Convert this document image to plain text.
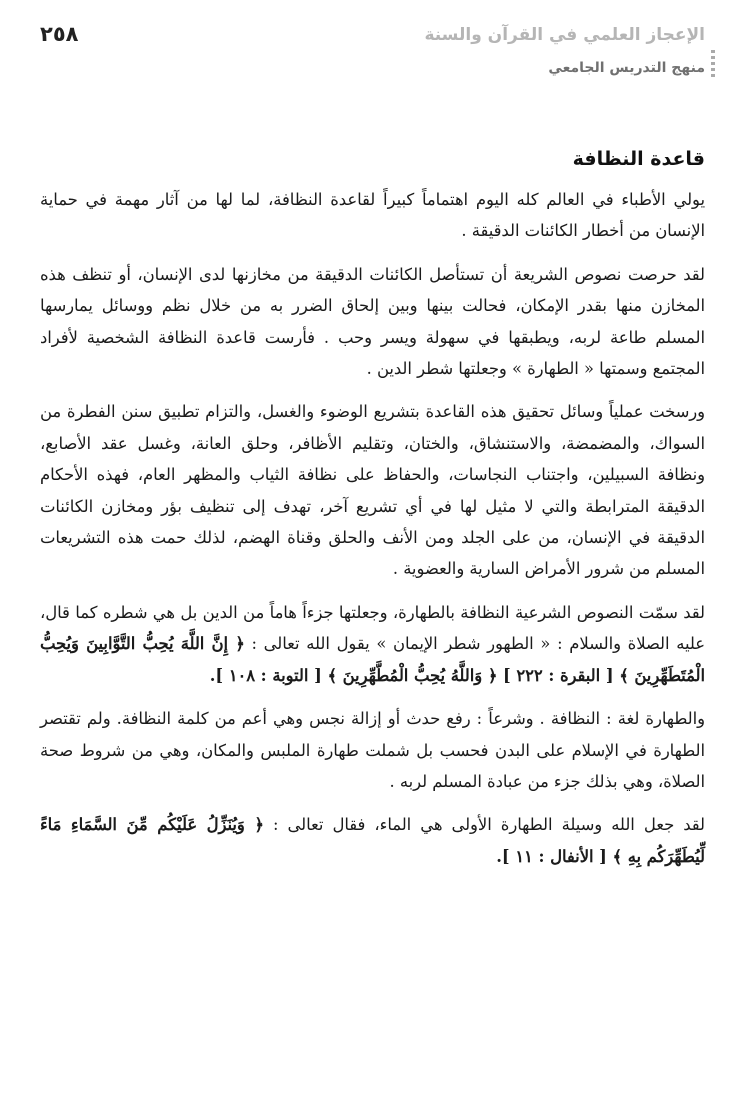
٢٥٨	الإعجاز العلمي في القرآن والسنة
منهج التدريس الجامعي
قاعدة النظافة

يولي الأطباء في العالم كله اليوم اهتماماً كبيراً لقاعدة النظافة، لما لها من آثار مهمة في حماية الإنسان من أخطار الكائنات الدقيقة .

لقد حرصت نصوص الشريعة أن تستأصل الكائنات الدقيقة من مخازنها لدى الإنسان، أو تنظف هذه المخازن منها بقدر الإمكان، فحالت بينها وبين إلحاق الضرر به من خلال نظم ووسائل يمارسها المسلم طاعة لربه، ويطبقها في سهولة ويسر وحب . فأرست قاعدة النظافة الشخصية لأفراد المجتمع وسمتها « الطهارة » وجعلتها شطر الدين .

ورسخت عملياً وسائل تحقيق هذه القاعدة بتشريع الوضوء والغسل، والتزام تطبيق سنن الفطرة من السواك، والمضمضة، والاستنشاق، والختان، وتقليم الأظافر، وحلق العانة، وغسل عقد الأصابع، ونظافة السبيلين، واجتناب النجاسات، والحفاظ على نظافة الثياب والمظهر العام، فهذه الأحكام الدقيقة المترابطة والتي لا مثيل لها في أي تشريع آخر، تهدف إلى تنظيف بؤر ومخازن الكائنات الدقيقة في الإنسان، من على الجلد ومن الأنف والحلق وقناة الهضم، لذلك حمت هذه التشريعات المسلم من شرور الأمراض السارية والعضوية .

لقد سمّت النصوص الشرعية النظافة بالطهارة، وجعلتها جزءاً هاماً من الدين بل هي شطره كما قال، عليه الصلاة والسلام : « الطهور شطر الإيمان » يقول الله تعالى : ﴿ إِنَّ اللَّهَ يُحِبُّ التَّوَّابِينَ وَيُحِبُّ الْمُتَطَهِّرِينَ ﴾ [ البقرة : ٢٢٢ ] ﴿ وَاللَّهُ يُحِبُّ الْمُطَّهِّرِينَ ﴾ [ التوبة : ١٠٨ ].

والطهارة لغة : النظافة . وشرعاً : رفع حدث أو إزالة نجس وهي أعم من كلمة النظافة. ولم تقتصر الطهارة في الإسلام على البدن فحسب بل شملت طهارة الملبس والمكان، وهي من شروط صحة الصلاة، وهي بذلك جزء من عبادة المسلم لربه .

لقد جعل الله وسيلة الطهارة الأولى هي الماء، فقال تعالى : ﴿ وَيُنَزِّلُ عَلَيْكُم مِّنَ السَّمَاءِ مَاءً لِّيُطَهِّرَكُم بِهِ ﴾ [ الأنفال : ١١ ].
